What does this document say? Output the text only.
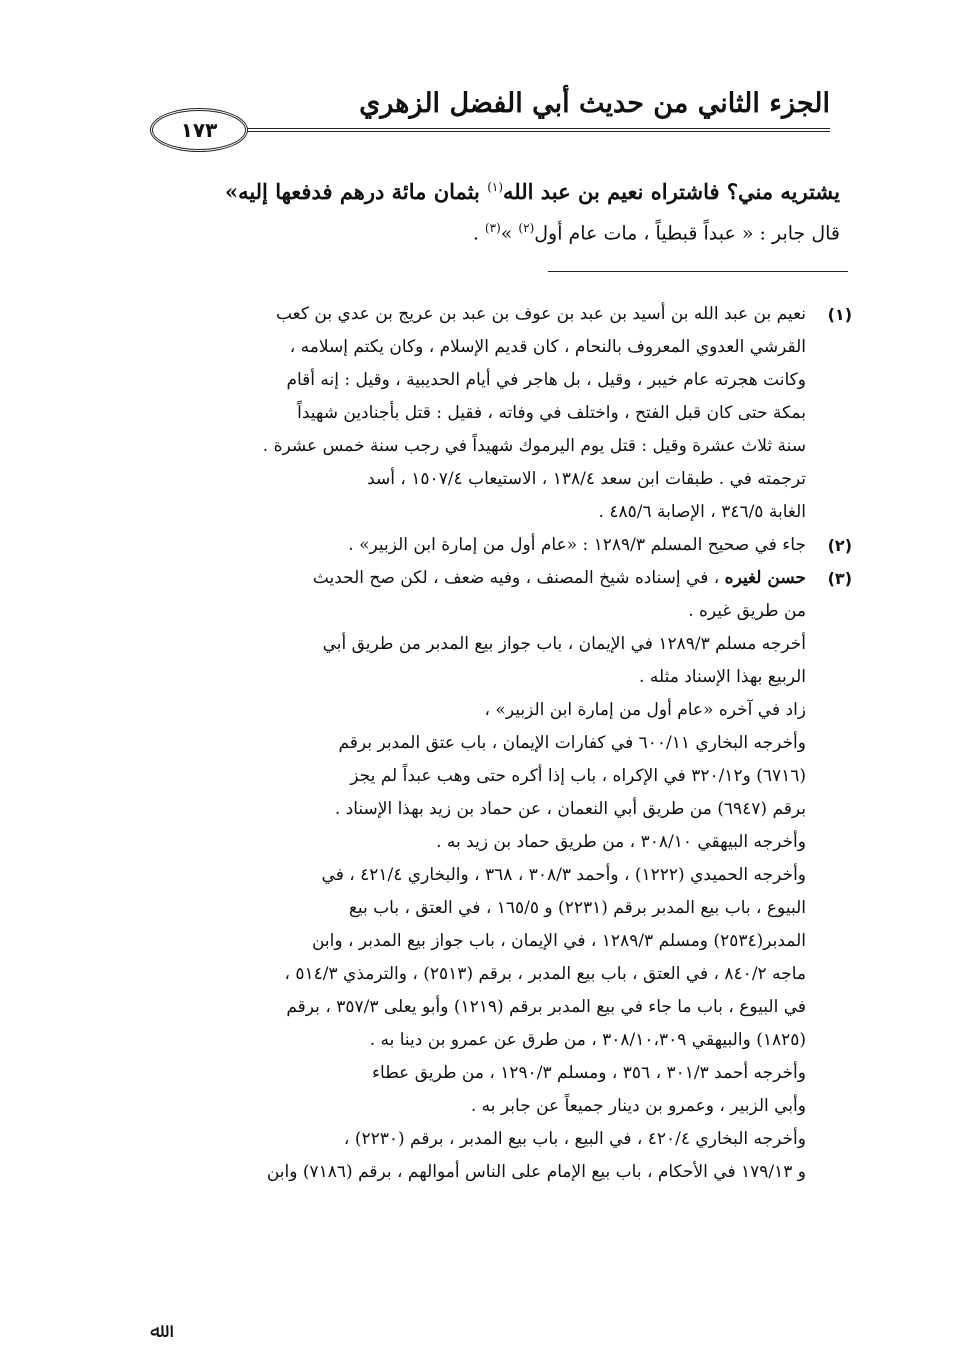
الجزء الثاني من حديث أبي الفضل الزهري
١٧٣
يشتريه مني؟ فاشتراه نعيم بن عبد الله$^{(١)}$ بثمان مائة درهم فدفعها إليه»
قال جابر : « عبداً قبطياً ، مات عام أول$^{(٢)}$ »$^{(٣)}$ .
(١)
نعيم بن عبد الله بن أسيد بن عبد بن عوف بن عبد بن عريج بن عدي بن كعب
القرشي العدوي المعروف بالنحام ، كان قديم الإسلام ، وكان يكتم إسلامه ،
وكانت هجرته عام خيبر ، وقيل ، بل هاجر في أيام الحديبية ، وقيل : إنه أقام
بمكة حتى كان قبل الفتح ، واختلف في وفاته ، فقيل : قتل بأجنادين شهيداً
سنة ثلاث عشرة وقيل : قتل يوم اليرموك شهيداً في رجب سنة خمس عشرة .
ترجمته في . طبقات ابن سعد ١٣٨/٤ ، الاستيعاب ١٥٠٧/٤ ، أسد
الغابة ٣٤٦/٥ ، الإصابة ٤٨٥/٦ .
(٢)
جاء في صحيح المسلم ١٢٨٩/٣ : «عام أول من إمارة ابن الزبير» .
(٣)
حسن لغيره ، في إسناده شيخ المصنف ، وفيه ضعف ، لكن صح الحديث
من طريق غيره .
أخرجه مسلم ١٢٨٩/٣ في الإيمان ، باب جواز بيع المدبر من طريق أبي
الربيع بهذا الإسناد مثله .
زاد في آخره «عام أول من إمارة ابن الزبير» ،
وأخرجه البخاري ٦٠٠/١١ في كفارات الإيمان ، باب عتق المدبر برقم
(٦٧١٦) و٣٢٠/١٢ في الإكراه ، باب إذا أكره حتى وهب عبداً لم يجز
برقم (٦٩٤٧) من طريق أبي النعمان ، عن حماد بن زيد بهذا الإسناد .
وأخرجه البيهقي ٣٠٨/١٠ ، من طريق حماد بن زيد به .
وأخرجه الحميدي (١٢٢٢) ، وأحمد ٣٠٨/٣ ، ٣٦٨ ، والبخاري ٤٢١/٤ ، في
البيوع ، باب بيع المدبر برقم (٢٢٣١) و ١٦٥/٥ ، في العتق ، باب بيع
المدبر(٢٥٣٤) ومسلم ١٢٨٩/٣ ، في الإيمان ، باب جواز بيع المدبر ، وابن
ماجه ٨٤٠/٢ ، في العتق ، باب بيع المدبر ، برقم (٢٥١٣) ، والترمذي ٥١٤/٣ ،
في البيوع ، باب ما جاء في بيع المدبر برقم (١٢١٩) وأبو يعلى ٣٥٧/٣ ، برقم
(١٨٢٥) والبيهقي ٣٠٨/١٠،٣٠٩ ، من طرق عن عمرو بن دينا به .
وأخرجه أحمد ٣٠١/٣ ، ٣٥٦ ، ومسلم ١٢٩٠/٣ ، من طريق عطاء
وأبي الزبير ، وعمرو بن دينار جميعاً عن جابر به .
وأخرجه البخاري ٤٢٠/٤ ، في البيع ، باب بيع المدبر ، برقم (٢٢٣٠) ،
و ١٧٩/١٣ في الأحكام ، باب بيع الإمام على الناس أموالهم ، برقم (٧١٨٦) وابن
ﷲ
